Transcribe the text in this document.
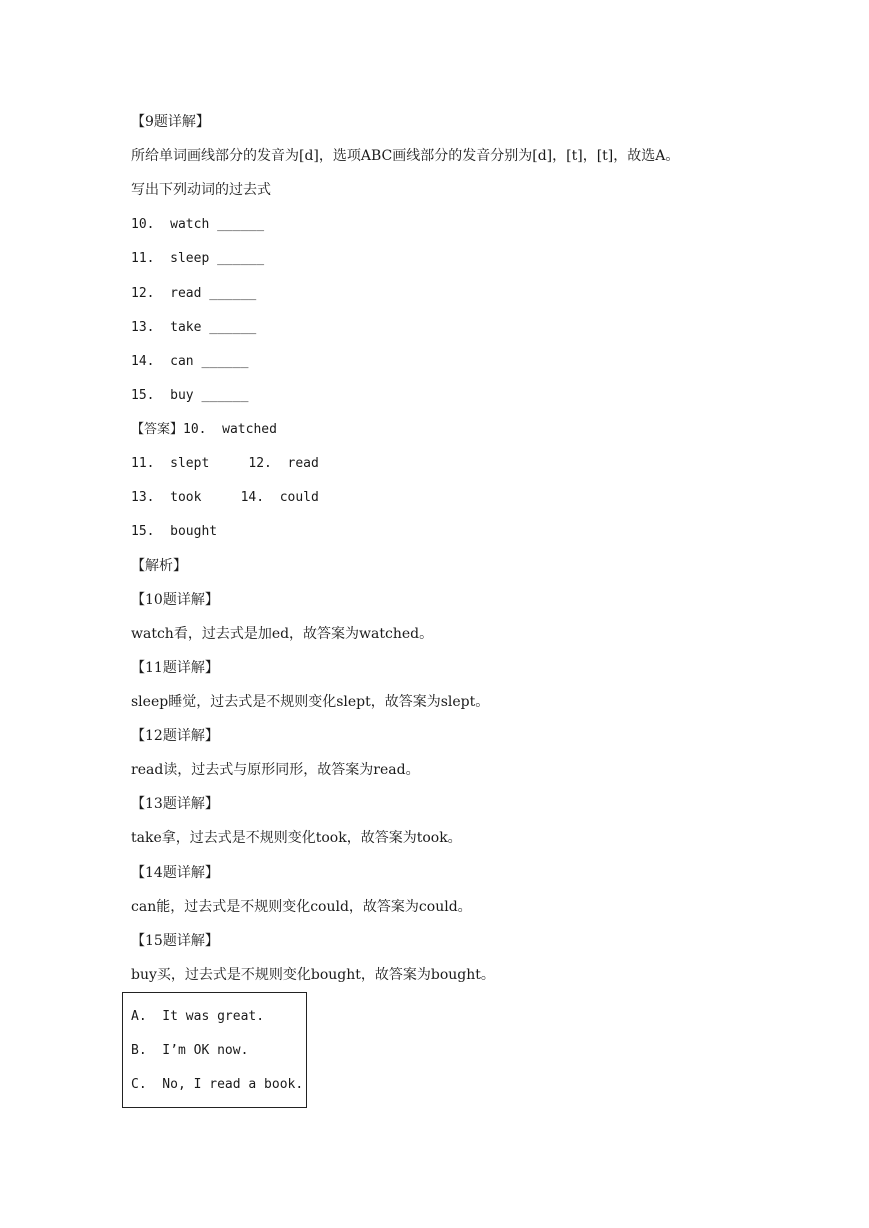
【9题详解】
所给单词画线部分的发音为[d]，选项ABC画线部分的发音分别为[d]，[t]，[t]，故选A。
写出下列动词的过去式
10.  watch ______
11.  sleep ______
12.  read ______
13.  take ______
14.  can ______
15.  buy ______
【答案】10.  watched
11.  slept     12.  read
13.  took     14.  could
15.  bought
【解析】
【10题详解】
watch看，过去式是加ed，故答案为watched。
【11题详解】
sleep睡觉，过去式是不规则变化slept，故答案为slept。
【12题详解】
read读，过去式与原形同形，故答案为read。
【13题详解】
take拿，过去式是不规则变化took，故答案为took。
【14题详解】
can能，过去式是不规则变化could，故答案为could。
【15题详解】
buy买，过去式是不规则变化bought，故答案为bought。
A.  It was great.
B.  I’m OK now.
C.  No, I read a book.
